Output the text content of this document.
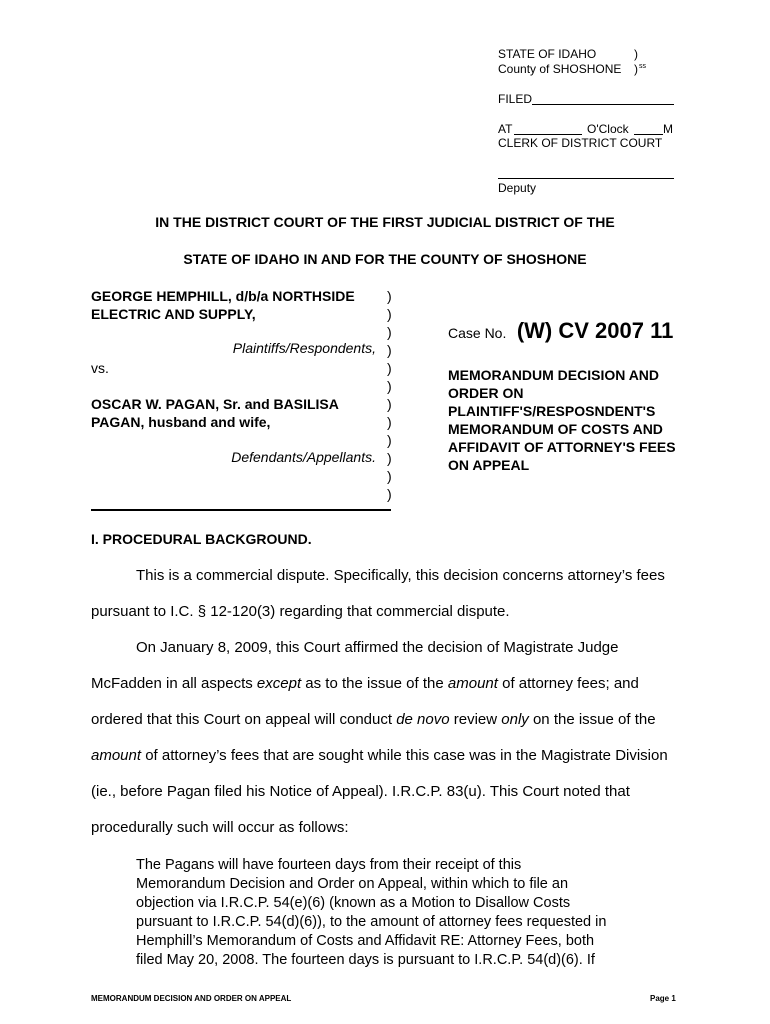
STATE OF IDAHO	)
County of SHOSHONE ) ss
FILED
AT	O'Clock	M
CLERK OF DISTRICT COURT
Deputy
IN THE DISTRICT COURT OF THE FIRST JUDICIAL DISTRICT OF THE
STATE OF IDAHO IN AND FOR THE COUNTY OF SHOSHONE
GEORGE HEMPHILL, d/b/a NORTHSIDE
ELECTRIC AND SUPPLY,
Plaintiffs/Respondents,
vs.
OSCAR W. PAGAN, Sr. and BASILISA
PAGAN, husband and wife,
Defendants/Appellants.
)
)
)
)
)
)
)
)
)
)
)
)
Case No. (W) CV 2007 11
MEMORANDUM DECISION AND
ORDER ON
PLAINTIFF'S/RESPOSNDENT'S
MEMORANDUM OF COSTS AND
AFFIDAVIT OF ATTORNEY'S FEES
ON APPEAL
I. PROCEDURAL BACKGROUND.
This is a commercial dispute. Specifically, this decision concerns attorney’s fees
pursuant to I.C. § 12-120(3) regarding that commercial dispute.
On January 8, 2009, this Court affirmed the decision of Magistrate Judge
McFadden in all aspects except as to the issue of the amount of attorney fees; and
ordered that this Court on appeal will conduct de novo review only on the issue of the
amount of attorney’s fees that are sought while this case was in the Magistrate Division
(ie., before Pagan filed his Notice of Appeal). I.R.C.P. 83(u). This Court noted that
procedurally such will occur as follows:
The Pagans will have fourteen days from their receipt of this
Memorandum Decision and Order on Appeal, within which to file an
objection via I.R.C.P. 54(e)(6) (known as a Motion to Disallow Costs
pursuant to I.R.C.P. 54(d)(6)), to the amount of attorney fees requested in
Hemphill’s Memorandum of Costs and Affidavit RE: Attorney Fees, both
filed May 20, 2008. The fourteen days is pursuant to I.R.C.P. 54(d)(6). If
MEMORANDUM DECISION AND ORDER ON APPEAL	Page 1
